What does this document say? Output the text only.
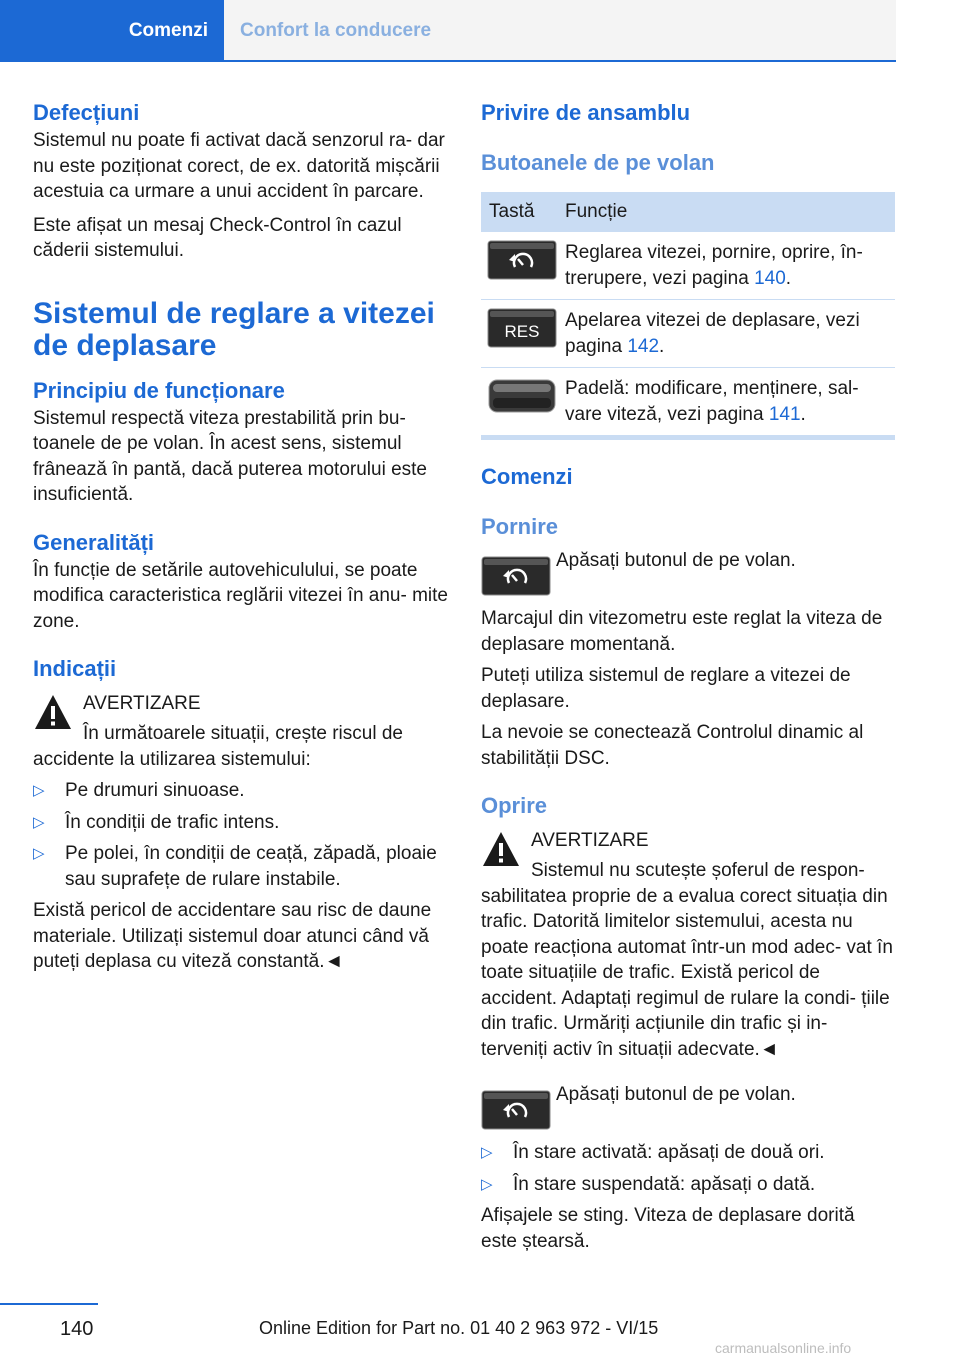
Comenzi	Confort la conducere
Defecțiuni

Sistemul nu poate fi activat dacă senzorul ra- dar nu este poziționat corect, de ex. datorită mișcării acestuia ca urmare a unui accident în parcare.

Este afișat un mesaj Check-Control în cazul căderii sistemului.

Sistemul de reglare a vitezei de deplasare
Principiu de funcționare

Sistemul respectă viteza prestabilită prin bu- toanele de pe volan. În acest sens, sistemul frânează în pantă, dacă puterea motorului este insuficientă.

Generalități

În funcție de setările autovehiculului, se poate modifica caracteristica reglării vitezei în anu- mite zone.

Indicații

AVERTIZARE

În următoarele situații, crește riscul de accidente la utilizarea sistemului:

▷ Pe drumuri sinuoase.
▷ În condiții de trafic intens.
▷ Pe polei, în condiții de ceață, zăpadă, ploaie sau suprafețe de rulare instabile.

Există pericol de accidentare sau risc de daune materiale. Utilizați sistemul doar atunci când vă puteți deplasa cu viteză constantă.◄

Privire de ansamblu
Butoanele de pe volan
Tastă	Funcție

Reglarea vitezei, pornire, oprire, în- trerupere, vezi pagina 140.

RES

Apelarea vitezei de deplasare, vezi pagina 142.

Padelă: modificare, menținere, sal- vare viteză, vezi pagina 141.

Comenzi
Pornire

Apăsați butonul de pe volan.

Marcajul din vitezometru este reglat la viteza de deplasare momentană.

Puteți utiliza sistemul de reglare a vitezei de deplasare.

La nevoie se conectează Controlul dinamic al stabilității DSC.

Oprire

AVERTIZARE

Sistemul nu scutește șoferul de respon- sabilitatea proprie de a evalua corect situația din trafic. Datorită limitelor sistemului, acesta nu poate reacționa automat într-un mod adec- vat în toate situațiile de trafic. Există pericol de accident. Adaptați regimul de rulare la condi- țiile din trafic. Urmăriți acțiunile din trafic și in- terveniți activ în situații adecvate.◄

Apăsați butonul de pe volan.

▷ În stare activată: apăsați de două ori.
▷ În stare suspendată: apăsați o dată.

Afișajele se sting. Viteza de deplasare dorită este ștearsă.

140	Online Edition for Part no. 01 40 2 963 972 - VI/15
carmanualsonline.info
